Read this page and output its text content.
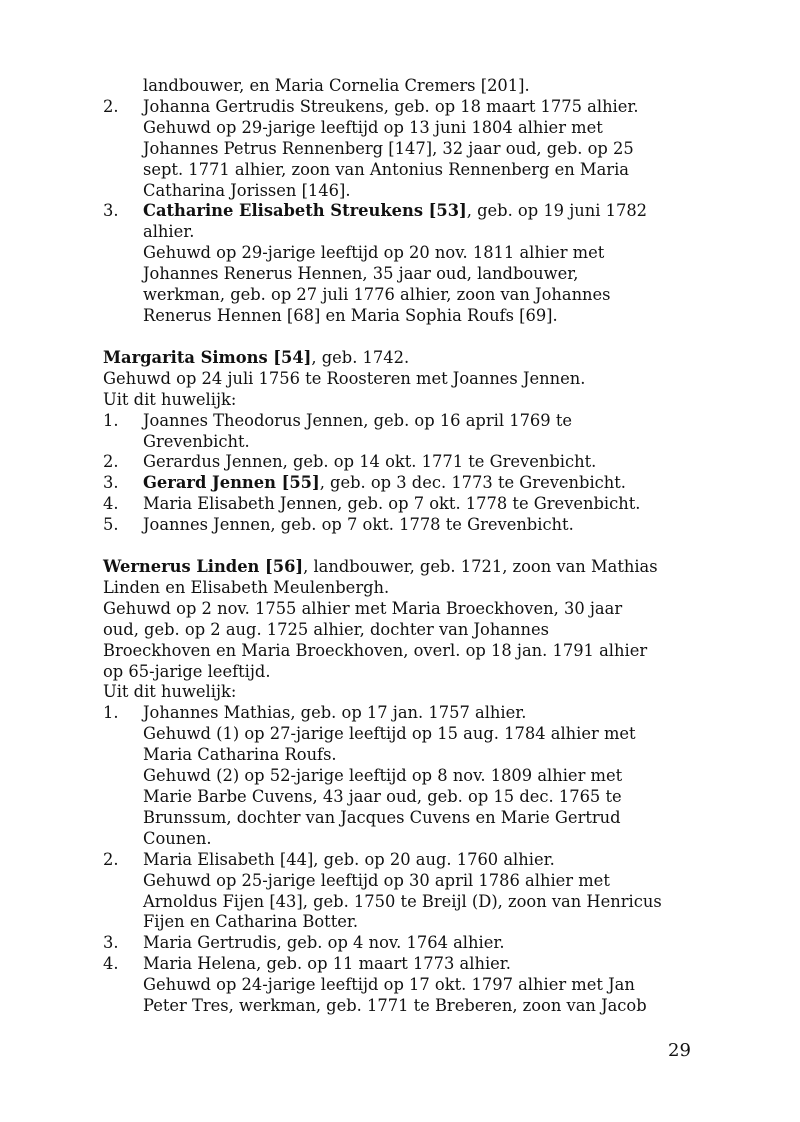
landbouwer, en Maria Cornelia Cremers [201].
2.	Johanna Gertrudis Streukens, geb. op 18 maart 1775 alhier.
Gehuwd op 29-jarige leeftijd op 13 juni 1804 alhier met
Johannes Petrus Rennenberg [147], 32 jaar oud, geb. op 25
sept. 1771 alhier, zoon van Antonius Rennenberg en Maria
Catharina Jorissen [146].
3.	Catharine Elisabeth Streukens [53], geb. op 19 juni 1782
alhier.
Gehuwd op 29-jarige leeftijd op 20 nov. 1811 alhier met
Johannes Renerus Hennen, 35 jaar oud, landbouwer,
werkman, geb. op 27 juli 1776 alhier, zoon van Johannes
Renerus Hennen [68] en Maria Sophia Roufs [69].
Margarita Simons [54], geb. 1742.
Gehuwd op 24 juli 1756 te Roosteren met Joannes Jennen.
Uit dit huwelijk:
1.	Joannes Theodorus Jennen, geb. op 16 april 1769 te
Grevenbicht.
2.	Gerardus Jennen, geb. op 14 okt. 1771 te Grevenbicht.
3.	Gerard Jennen [55], geb. op 3 dec. 1773 te Grevenbicht.
4.	Maria Elisabeth Jennen, geb. op 7 okt. 1778 te Grevenbicht.
5.	Joannes Jennen, geb. op 7 okt. 1778 te Grevenbicht.
Wernerus Linden [56], landbouwer, geb. 1721, zoon van Mathias
Linden en Elisabeth Meulenbergh.
Gehuwd op 2 nov. 1755 alhier met Maria Broeckhoven, 30 jaar
oud, geb. op 2 aug. 1725 alhier, dochter van Johannes
Broeckhoven en Maria Broeckhoven, overl. op 18 jan. 1791 alhier
op 65-jarige leeftijd.
Uit dit huwelijk:
1.	Johannes Mathias, geb. op 17 jan. 1757 alhier.
Gehuwd (1) op 27-jarige leeftijd op 15 aug. 1784 alhier met
Maria Catharina Roufs.
Gehuwd (2) op 52-jarige leeftijd op 8 nov. 1809 alhier met
Marie Barbe Cuvens, 43 jaar oud, geb. op 15 dec. 1765 te
Brunssum, dochter van Jacques Cuvens en Marie Gertrud
Counen.
2.	Maria Elisabeth [44], geb. op 20 aug. 1760 alhier.
Gehuwd op 25-jarige leeftijd op 30 april 1786 alhier met
Arnoldus Fijen [43], geb. 1750 te Breijl (D), zoon van Henricus
Fijen en Catharina Botter.
3.	Maria Gertrudis, geb. op 4 nov. 1764 alhier.
4.	Maria Helena, geb. op 11 maart 1773 alhier.
Gehuwd op 24-jarige leeftijd op 17 okt. 1797 alhier met Jan
Peter Tres, werkman, geb. 1771 te Breberen, zoon van Jacob
29
